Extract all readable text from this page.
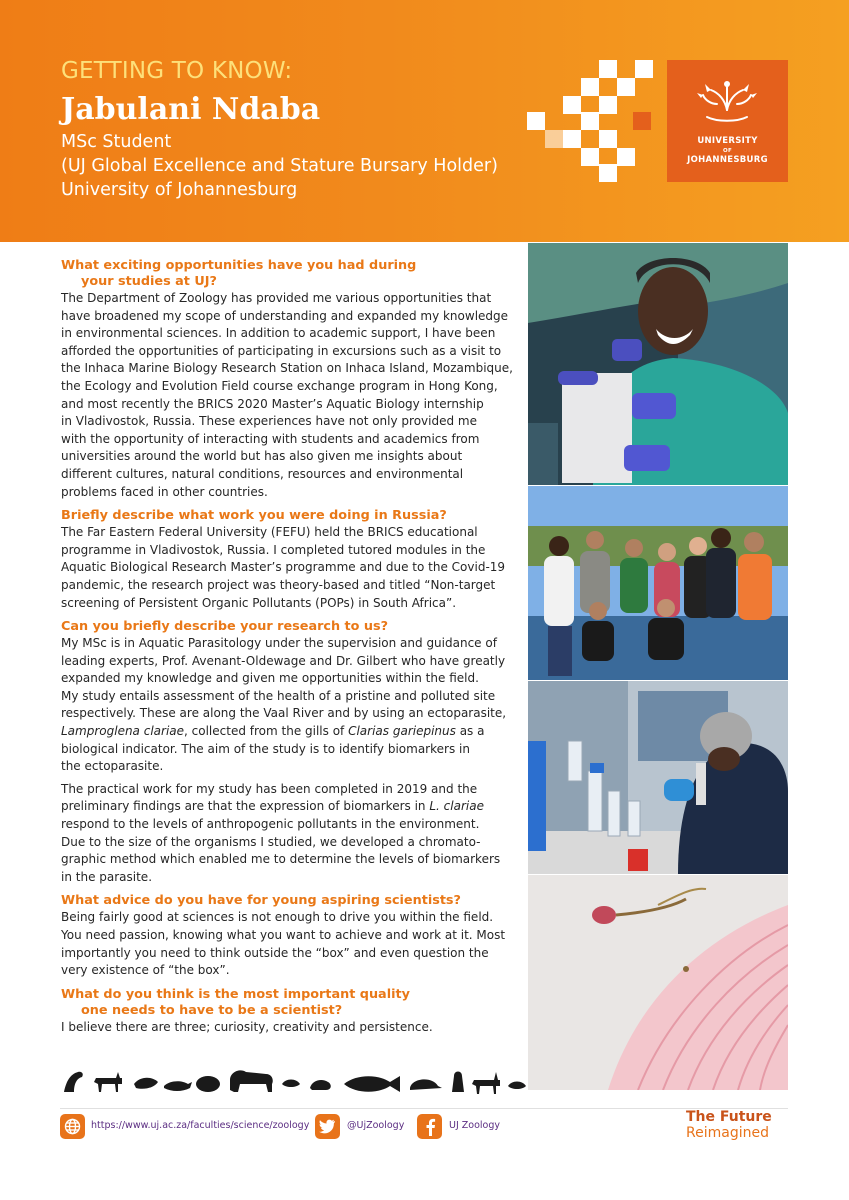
GETTING TO KNOW:
Jabulani Ndaba
MSc Student
(UJ Global Excellence and Stature Bursary Holder)
University of Johannesburg
UNIVERSITY
OF
JOHANNESBURG

What exciting opportunities have you had during

your studies at UJ?

The Department of Zoology has provided me various opportunities that

have broadened my scope of understanding and expanded my knowledge

in environmental sciences. In addition to academic support, I have been

afforded the opportunities of participating in excursions such as a visit to

the Inhaca Marine Biology Research Station on Inhaca Island, Mozambique,

the Ecology and Evolution Field course exchange program in Hong Kong,

and most recently the BRICS 2020 Master’s Aquatic Biology internship

in Vladivostok, Russia. These experiences have not only provided me

with the opportunity of interacting with students and academics from

universities around the world but has also given me insights about

different cultures, natural conditions, resources and environmental

problems faced in other countries.

Briefly describe what work you were doing in Russia?

The Far Eastern Federal University (FEFU) held the BRICS educational

programme in Vladivostok, Russia. I completed tutored modules in the

Aquatic Biological Research Master’s programme and due to the Covid-19

pandemic, the research project was theory-based and titled “Non-target

screening of Persistent Organic Pollutants (POPs) in South Africa”.

Can you briefly describe your research to us?

My MSc is in Aquatic Parasitology under the supervision and guidance of

leading experts, Prof. Avenant-Oldewage and Dr. Gilbert who have greatly

expanded my knowledge and given me opportunities within the field.

My study entails assessment of the health of a pristine and polluted site

respectively. These are along the Vaal River and by using an ectoparasite,

Lamproglena clariae, collected from the gills of Clarias gariepinus as a

biological indicator. The aim of the study is to identify biomarkers in

the ectoparasite.

The practical work for my study has been completed in 2019 and the

preliminary findings are that the expression of biomarkers in L. clariae

respond to the levels of anthropogenic pollutants in the environment.

Due to the size of the organisms I studied, we developed a chromato-

graphic method which enabled me to determine the levels of biomarkers

in the parasite.

What advice do you have for young aspiring scientists?

Being fairly good at sciences is not enough to drive you within the field.

You need passion, knowing what you want to achieve and work at it. Most

importantly you need to think outside the “box” and even question the

very existence of “the box”.

What do you think is the most important quality

one needs to have to be a scientist?

I believe there are three; curiosity, creativity and persistence.

https://www.uj.ac.za/faculties/science/zoology	@UjZoology	UJ Zoology
The Future
Reimagined
